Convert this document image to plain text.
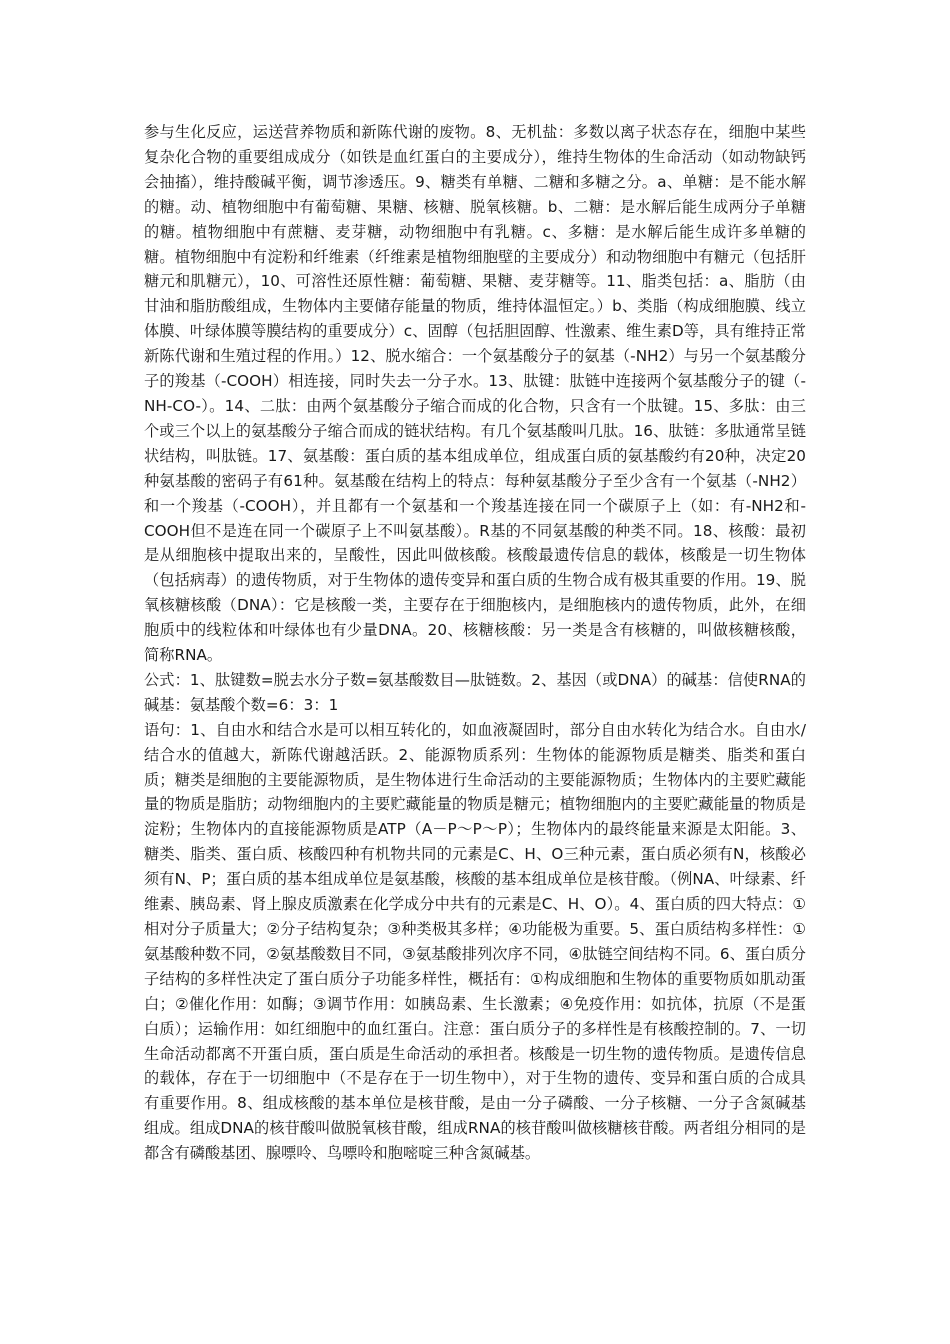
参与生化反应，运送营养物质和新陈代谢的废物。8、无机盐：多数以离子状态存在，细胞中某些复杂化合物的重要组成成分（如铁是血红蛋白的主要成分），维持生物体的生命活动（如动物缺钙会抽搐），维持酸碱平衡，调节渗透压。9、糖类有单糖、二糖和多糖之分。a、单糖：是不能水解的糖。动、植物细胞中有葡萄糖、果糖、核糖、脱氧核糖。b、二糖：是水解后能生成两分子单糖的糖。植物细胞中有蔗糖、麦芽糖，动物细胞中有乳糖。c、多糖：是水解后能生成许多单糖的糖。植物细胞中有淀粉和纤维素（纤维素是植物细胞壁的主要成分）和动物细胞中有糖元（包括肝糖元和肌糖元），10、可溶性还原性糖：葡萄糖、果糖、麦芽糖等。11、脂类包括：a、脂肪（由甘油和脂肪酸组成，生物体内主要储存能量的物质，维持体温恒定。）b、类脂（构成细胞膜、线立体膜、叶绿体膜等膜结构的重要成分）c、固醇（包括胆固醇、性激素、维生素D等，具有维持正常新陈代谢和生殖过程的作用。）12、脱水缩合：一个氨基酸分子的氨基（-NH2）与另一个氨基酸分子的羧基（-COOH）相连接，同时失去一分子水。13、肽键：肽链中连接两个氨基酸分子的键（-NH-CO-）。14、二肽：由两个氨基酸分子缩合而成的化合物，只含有一个肽键。15、多肽：由三个或三个以上的氨基酸分子缩合而成的链状结构。有几个氨基酸叫几肽。16、肽链：多肽通常呈链状结构，叫肽链。17、氨基酸：蛋白质的基本组成单位，组成蛋白质的氨基酸约有20种，决定20种氨基酸的密码子有61种。氨基酸在结构上的特点：每种氨基酸分子至少含有一个氨基（-NH2）和一个羧基（-COOH），并且都有一个氨基和一个羧基连接在同一个碳原子上（如：有-NH2和-COOH但不是连在同一个碳原子上不叫氨基酸）。R基的不同氨基酸的种类不同。18、核酸：最初是从细胞核中提取出来的，呈酸性，因此叫做核酸。核酸最遗传信息的载体，核酸是一切生物体（包括病毒）的遗传物质，对于生物体的遗传变异和蛋白质的生物合成有极其重要的作用。19、脱氧核糖核酸（DNA）：它是核酸一类，主要存在于细胞核内，是细胞核内的遗传物质，此外，在细胞质中的线粒体和叶绿体也有少量DNA。20、核糖核酸：另一类是含有核糖的，叫做核糖核酸，简称RNA。

公式：1、肽键数=脱去水分子数=氨基酸数目—肽链数。2、基因（或DNA）的碱基：信使RNA的碱基：氨基酸个数=6：3：1

语句：1、自由水和结合水是可以相互转化的，如血液凝固时，部分自由水转化为结合水。自由水/结合水的值越大，新陈代谢越活跃。2、能源物质系列：生物体的能源物质是糖类、脂类和蛋白质；糖类是细胞的主要能源物质，是生物体进行生命活动的主要能源物质；生物体内的主要贮藏能量的物质是脂肪；动物细胞内的主要贮藏能量的物质是糖元；植物细胞内的主要贮藏能量的物质是淀粉；生物体内的直接能源物质是ATP（A－P～P～P）；生物体内的最终能量来源是太阳能。3、糖类、脂类、蛋白质、核酸四种有机物共同的元素是C、H、O三种元素，蛋白质必须有N，核酸必须有N、P；蛋白质的基本组成单位是氨基酸，核酸的基本组成单位是核苷酸。（例NA、叶绿素、纤维素、胰岛素、肾上腺皮质激素在化学成分中共有的元素是C、H、O）。4、蛋白质的四大特点：① 相对分子质量大；②分子结构复杂；③种类极其多样；④功能极为重要。5、蛋白质结构多样性：①氨基酸种数不同，②氨基酸数目不同，③氨基酸排列次序不同，④肽链空间结构不同。6、蛋白质分子结构的多样性决定了蛋白质分子功能多样性，概括有：①构成细胞和生物体的重要物质如肌动蛋白；②催化作用：如酶；③调节作用：如胰岛素、生长激素；④免疫作用：如抗体，抗原（不是蛋白质）；运输作用：如红细胞中的血红蛋白。注意：蛋白质分子的多样性是有核酸控制的。7、一切生命活动都离不开蛋白质，蛋白质是生命活动的承担者。核酸是一切生物的遗传物质。是遗传信息的载体，存在于一切细胞中（不是存在于一切生物中），对于生物的遗传、变异和蛋白质的合成具有重要作用。8、组成核酸的基本单位是核苷酸，是由一分子磷酸、一分子核糖、一分子含氮碱基组成。组成DNA的核苷酸叫做脱氧核苷酸，组成RNA的核苷酸叫做核糖核苷酸。两者组分相同的是都含有磷酸基团、腺嘌呤、鸟嘌呤和胞嘧啶三种含氮碱基。
